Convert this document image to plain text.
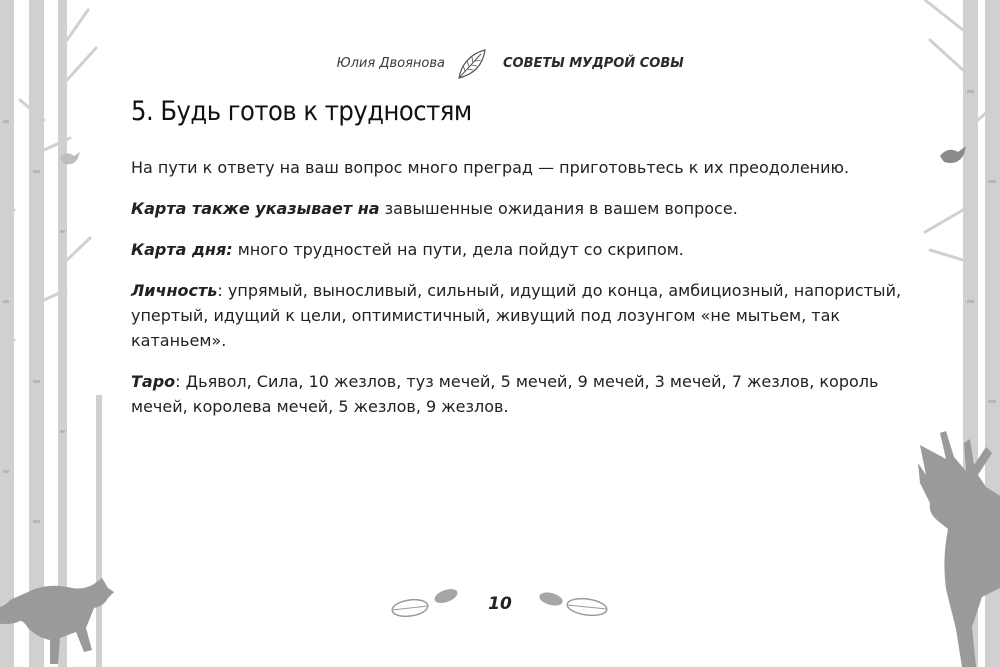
Юлия Двоянова	СОВЕТЫ МУДРОЙ СОВЫ
5. Будь готов к трудностям

На пути к ответу на ваш вопрос много преград — приготовьтесь к их преодолению.

Карта также указывает на завышенные ожидания в вашем вопросе.

Карта дня: много трудностей на пути, дела пойдут со скрипом.

Личность: упрямый, выносливый, сильный, идущий до конца, амбициозный, напористый, упертый, идущий к цели, оптимистичный, живущий под лозунгом «не мытьем, так катаньем».

Таро: Дьявол, Сила, 10 жезлов, туз мечей, 5 мечей, 9 мечей, 3 мечей, 7 жезлов, король мечей, королева мечей, 5 жезлов, 9 жезлов.

10
